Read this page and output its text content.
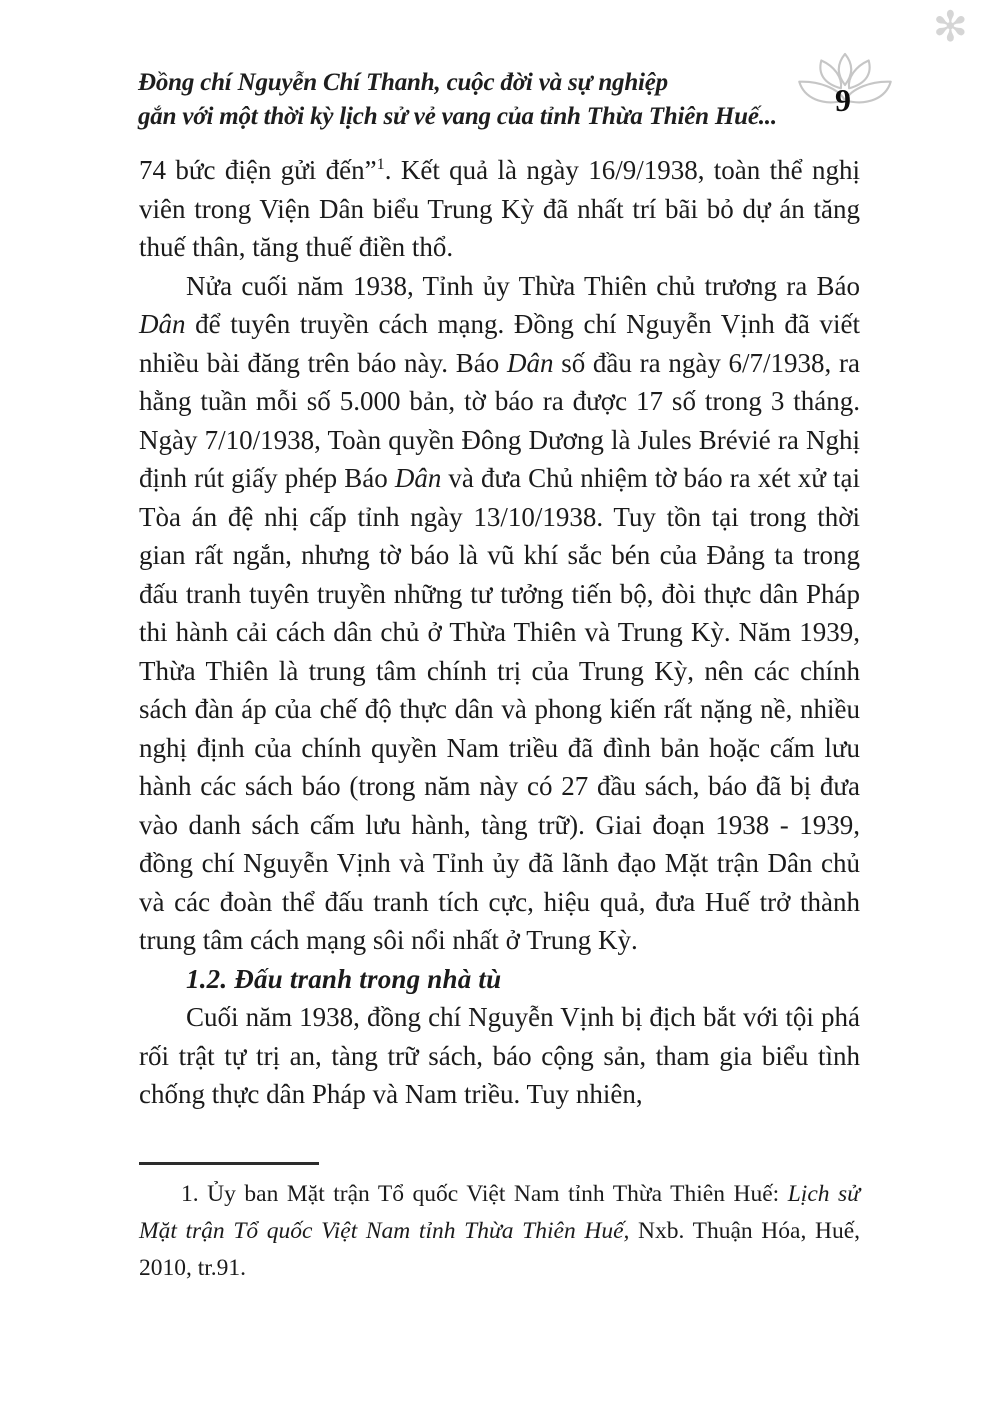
✻
Đồng chí Nguyễn Chí Thanh, cuộc đời và sự nghiệp
gắn với một thời kỳ lịch sử vẻ vang của tỉnh Thừa Thiên Huế...	9

74 bức điện gửi đến”$^1$. Kết quả là ngày 16/9/1938, toàn thể nghị viên trong Viện Dân biểu Trung Kỳ đã nhất trí bãi bỏ dự án tăng thuế thân, tăng thuế điền thổ.

Nửa cuối năm 1938, Tỉnh ủy Thừa Thiên chủ trương ra Báo Dân để tuyên truyền cách mạng. Đồng chí Nguyễn Vịnh đã viết nhiều bài đăng trên báo này. Báo Dân số đầu ra ngày 6/7/1938, ra hằng tuần mỗi số 5.000 bản, tờ báo ra được 17 số trong 3 tháng. Ngày 7/10/1938, Toàn quyền Đông Dương là Jules Brévié ra Nghị định rút giấy phép Báo Dân và đưa Chủ nhiệm tờ báo ra xét xử tại Tòa án đệ nhị cấp tỉnh ngày 13/10/1938. Tuy tồn tại trong thời gian rất ngắn, nhưng tờ báo là vũ khí sắc bén của Đảng ta trong đấu tranh tuyên truyền những tư tưởng tiến bộ, đòi thực dân Pháp thi hành cải cách dân chủ ở Thừa Thiên và Trung Kỳ. Năm 1939, Thừa Thiên là trung tâm chính trị của Trung Kỳ, nên các chính sách đàn áp của chế độ thực dân và phong kiến rất nặng nề, nhiều nghị định của chính quyền Nam triều đã đình bản hoặc cấm lưu hành các sách báo (trong năm này có 27 đầu sách, báo đã bị đưa vào danh sách cấm lưu hành, tàng trữ). Giai đoạn 1938 - 1939, đồng chí Nguyễn Vịnh và Tỉnh ủy đã lãnh đạo Mặt trận Dân chủ và các đoàn thể đấu tranh tích cực, hiệu quả, đưa Huế trở thành trung tâm cách mạng sôi nổi nhất ở Trung Kỳ.

1.2. Đấu tranh trong nhà tù

Cuối năm 1938, đồng chí Nguyễn Vịnh bị địch bắt với tội phá rối trật tự trị an, tàng trữ sách, báo cộng sản, tham gia biểu tình chống thực dân Pháp và Nam triều. Tuy nhiên,

1. Ủy ban Mặt trận Tổ quốc Việt Nam tỉnh Thừa Thiên Huế: Lịch sử Mặt trận Tổ quốc Việt Nam tỉnh Thừa Thiên Huế, Nxb. Thuận Hóa, Huế, 2010, tr.91.
